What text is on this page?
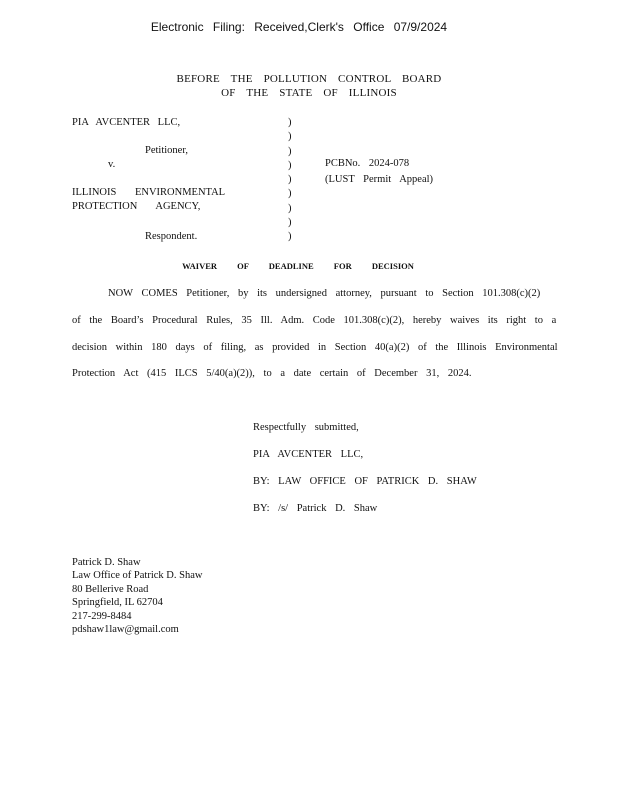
Electronic Filing: Received,Clerk's Office 07/9/2024
BEFORE THE POLLUTION CONTROL BOARD
OF THE STATE OF ILLINOIS
PIA AVCENTER LLC,
Petitioner,
v.
ILLINOIS ENVIRONMENTAL
PROTECTION AGENCY,
Respondent.
)
)
)
)
)
)
)
)
)
PCBNo. 2024-078
(LUST Permit Appeal)
WAIVER OF DEADLINE FOR DECISION
NOW COMES Petitioner, by its undersigned attorney, pursuant to Section 101.308(c)(2)
of the Board’s Procedural Rules, 35 Ill. Adm. Code 101.308(c)(2), hereby waives its right to a
decision within 180 days of filing, as provided in Section 40(a)(2) of the Illinois Environmental
Protection Act (415 ILCS 5/40(a)(2)), to a date certain of December 31, 2024.
Respectfully submitted,
PIA AVCENTER LLC,
BY: LAW OFFICE OF PATRICK D. SHAW
BY: /s/ Patrick D. Shaw
Patrick D. Shaw
Law Office of Patrick D. Shaw
80 Bellerive Road
Springfield, IL 62704
217-299-8484
pdshaw1law@gmail.com
